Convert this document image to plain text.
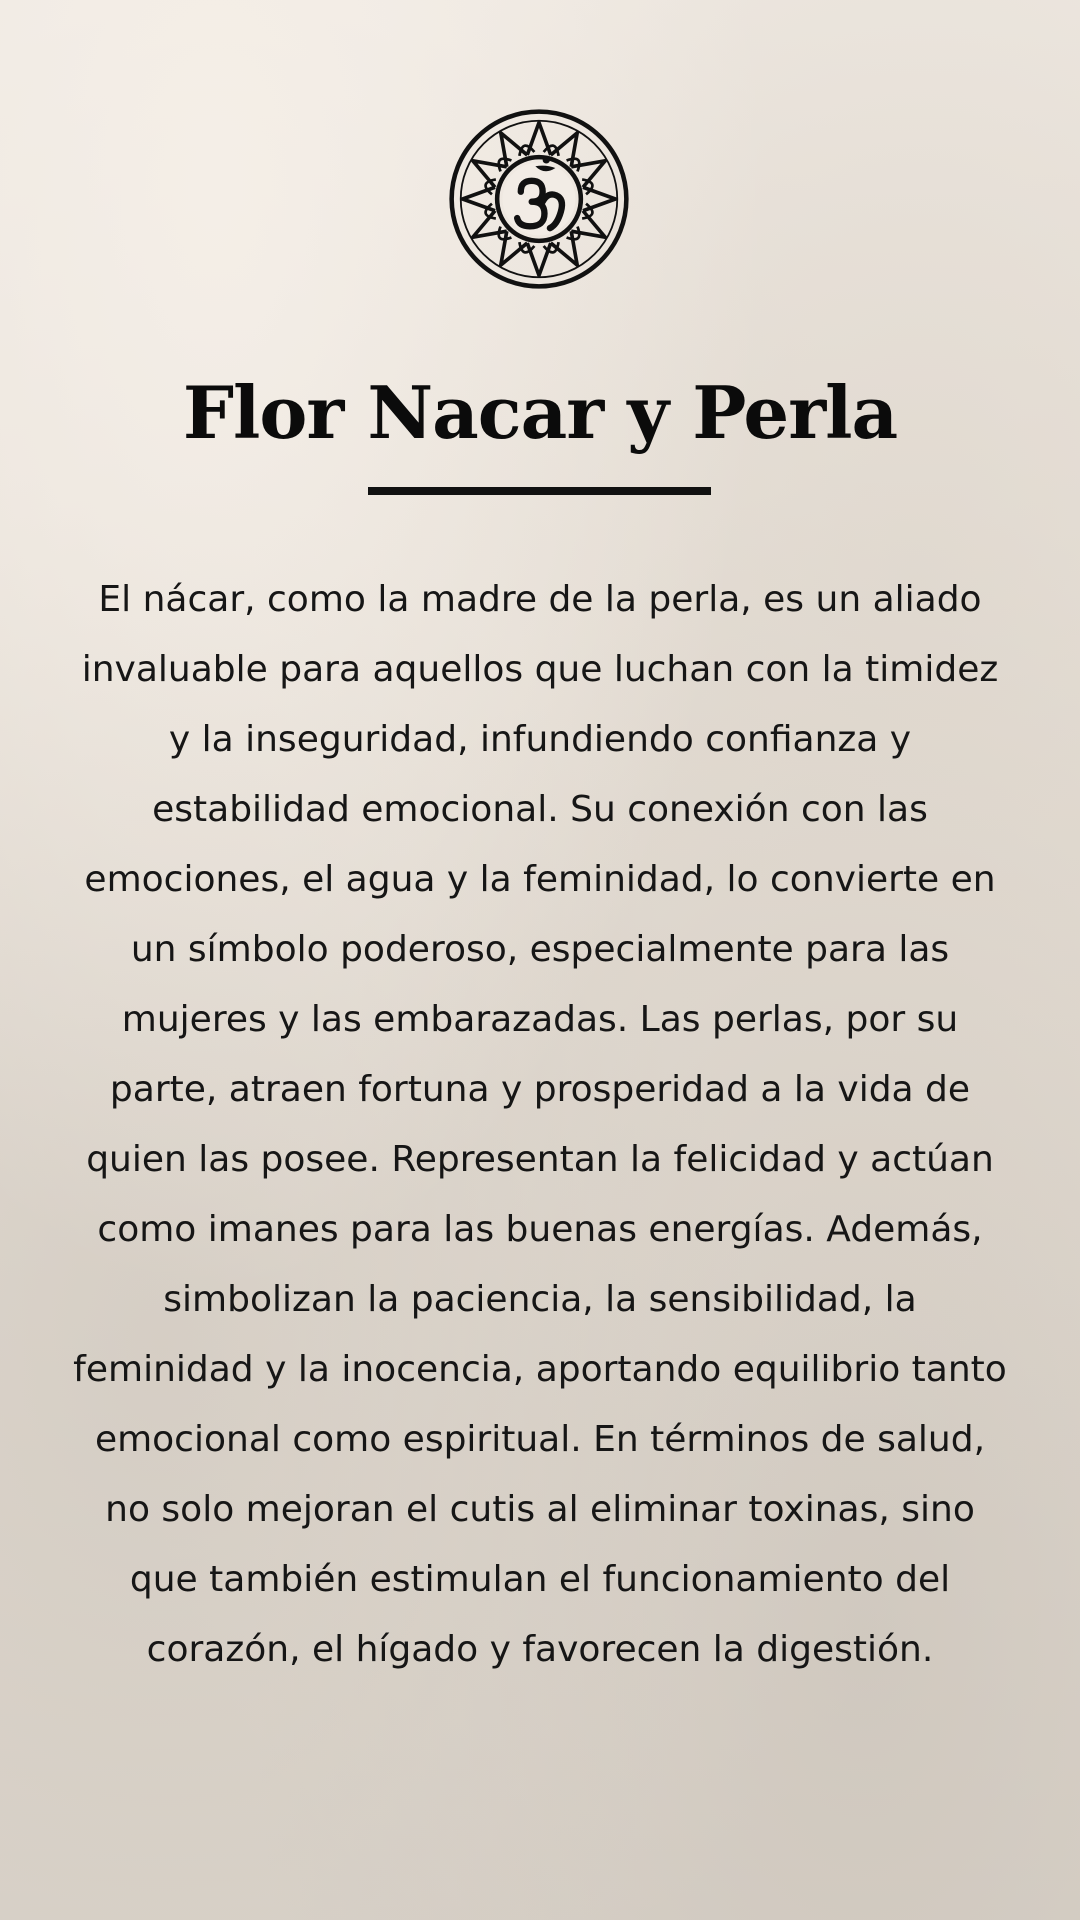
Flor Nacar y Perla

El nácar, como la madre de la perla, es un aliado invaluable para aquellos que luchan con la timidez y la inseguridad, infundiendo confianza y estabilidad emocional. Su conexión con las emociones, el agua y la feminidad, lo convierte en un símbolo poderoso, especialmente para las mujeres y las embarazadas. Las perlas, por su parte, atraen fortuna y prosperidad a la vida de quien las posee. Representan la felicidad y actúan como imanes para las buenas energías. Además, simbolizan la paciencia, la sensibilidad, la feminidad y la inocencia, aportando equilibrio tanto emocional como espiritual. En términos de salud, no solo mejoran el cutis al eliminar toxinas, sino que también estimulan el funcionamiento del corazón, el hígado y favorecen la digestión.
